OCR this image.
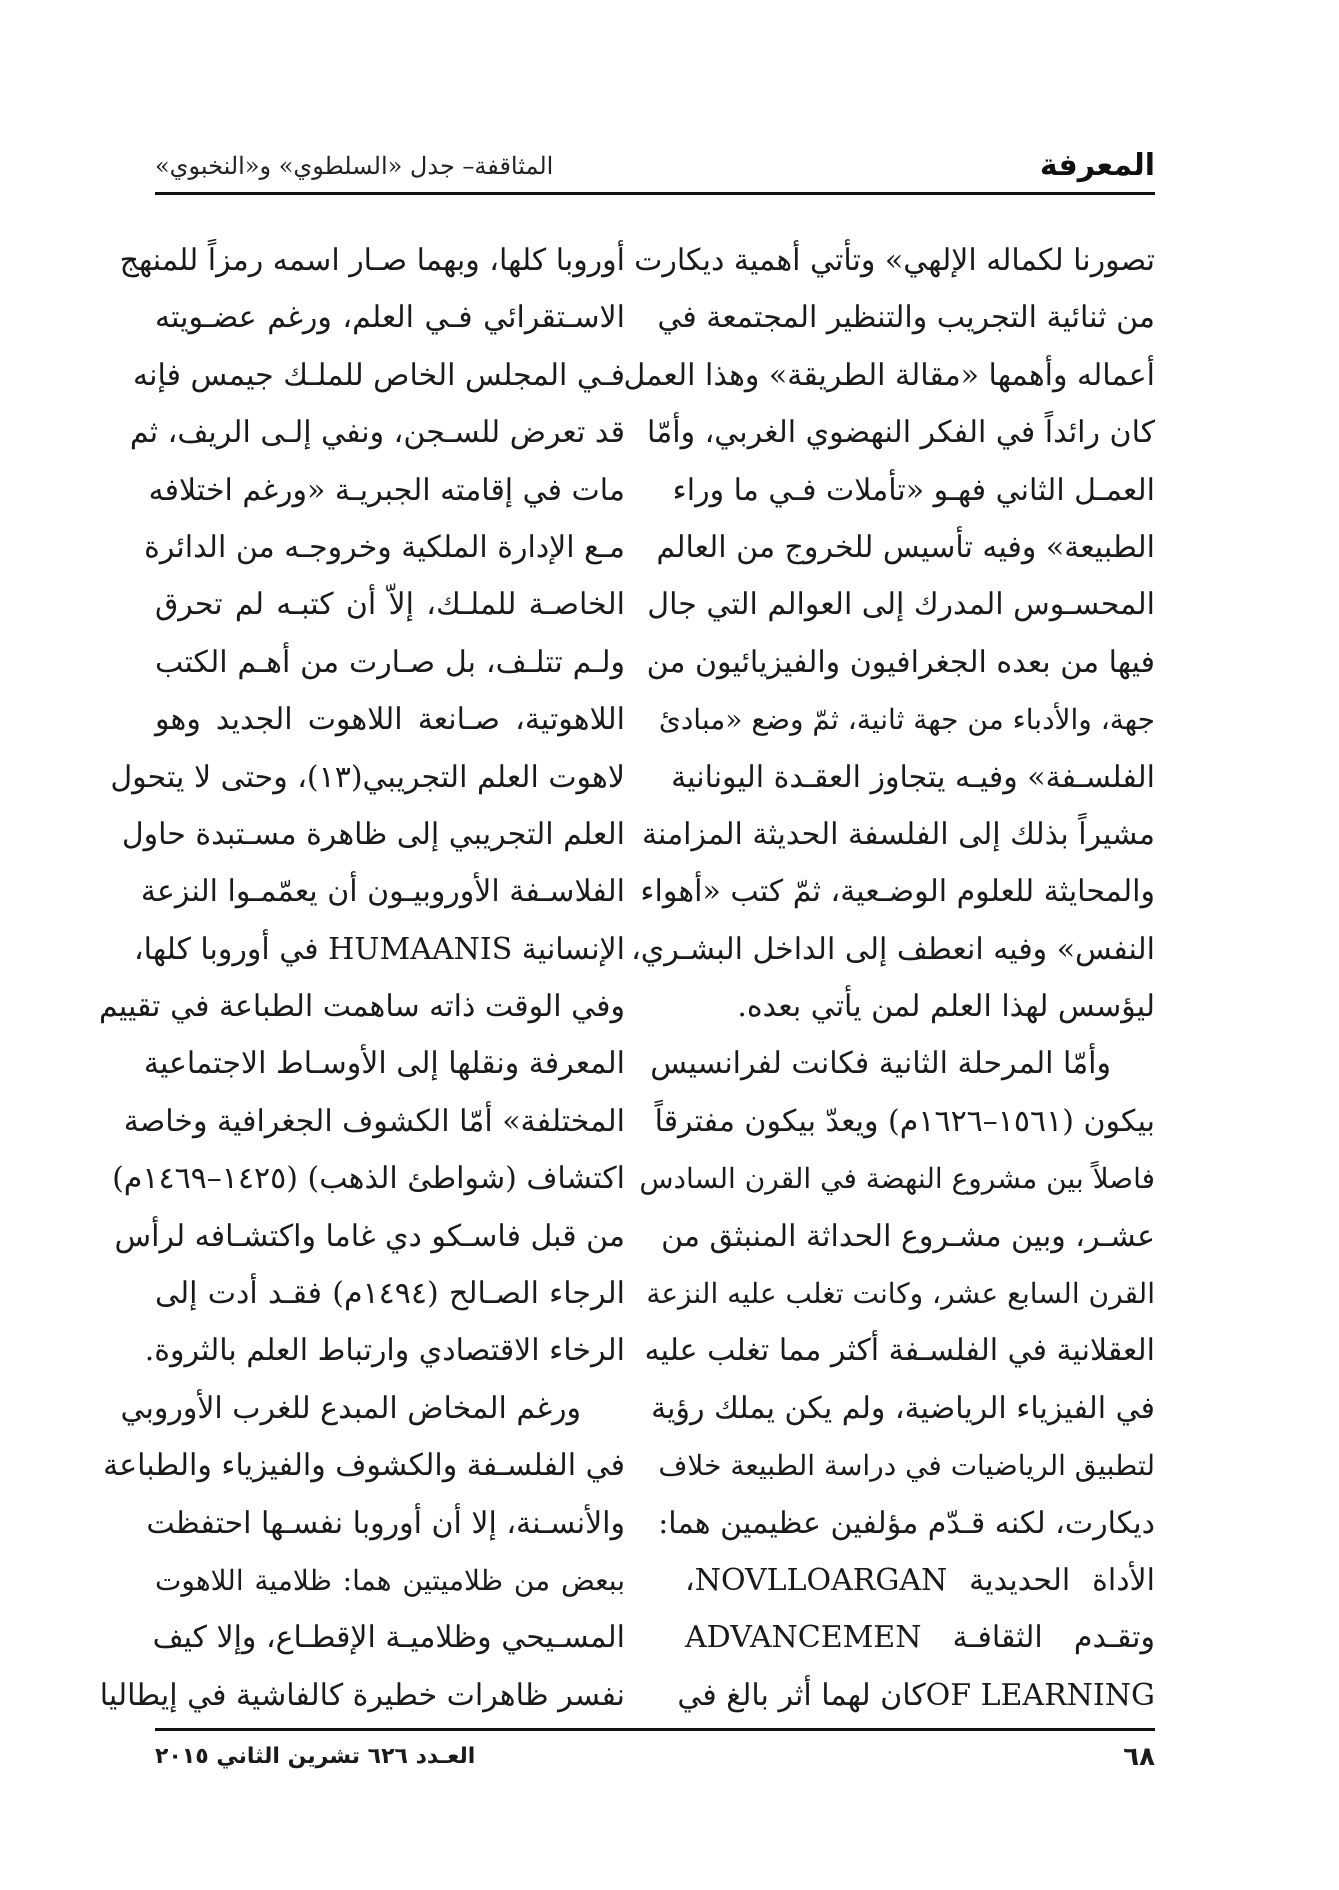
المعرفة
المثاقفة– جدل «السلطوي» و«النخبوي»
تصورنا لكماله الإلهي» وتأتي أهمية ديكارت
من ثنائية التجريب والتنظير المجتمعة في
أعماله وأهمها «مقالة الطريقة» وهذا العمل
كان رائداً في الفكر النهضوي الغربي، وأمّا
العمـل الثاني فهـو «تأملات فـي ما وراء
الطبيعة» وفيه تأسيس للخروج من العالم
المحسـوس المدرك إلى العوالم التي جال
فيها من بعده الجغرافيون والفيزيائيون من
جهة، والأدباء من جهة ثانية، ثمّ وضع «مبادئ
الفلسـفة» وفيـه يتجاوز العقـدة اليونانية
مشيراً بذلك إلى الفلسفة الحديثة المزامنة
والمحايثة للعلوم الوضـعية، ثمّ كتب «أهواء
النفس» وفيه انعطف إلى الداخل البشـري،
ليؤسس لهذا العلم لمن يأتي بعده.
وأمّا المرحلة الثانية فكانت لفرانسيس
بيكون (١٥٦١–١٦٢٦م) ويعدّ بيكون مفترقاً
فاصلاً بين مشروع النهضة في القرن السادس
عشـر، وبين مشـروع الحداثة المنبثق من
القرن السابع عشر، وكانت تغلب عليه النزعة
العقلانية في الفلسـفة أكثر مما تغلب عليه
في الفيزياء الرياضية، ولم يكن يملك رؤية
لتطبيق الرياضيات في دراسة الطبيعة خلاف
ديكارت، لكنه قـدّم مؤلفين عظيمين هما:
الأداة الحديدية NOVLLOARGAN،
وتقـدم الثقافـة ADVANCEMEN
OF LEARNINGكان لهما أثر بالغ في
أوروبا كلها، وبهما صـار اسمه رمزاً للمنهج
الاسـتقرائي فـي العلم، ورغم عضـويته
فـي المجلس الخاص للملـك جيمس فإنه
قد تعرض للسـجن، ونفي إلـى الريف، ثم
مات في إقامته الجبريـة «ورغم اختلافه
مـع الإدارة الملكية وخروجـه من الدائرة
الخاصـة للملـك، إلاّ أن كتبـه لم تحرق
ولـم تتلـف، بل صـارت من أهـم الكتب
اللاهوتية، صـانعة اللاهوت الجديد وهو
لاهوت العلم التجريبي(١٣)، وحتى لا يتحول
العلم التجريبي إلى ظاهرة مسـتبدة حاول
الفلاسـفة الأوروبيـون أن يعمّمـوا النزعة
الإنسانية HUMAANIS في أوروبا كلها،
وفي الوقت ذاته ساهمت الطباعة في تقييم
المعرفة ونقلها إلى الأوسـاط الاجتماعية
المختلفة» أمّا الكشوف الجغرافية وخاصة
اكتشاف (شواطئ الذهب) (١٤٢٥–١٤٦٩م)
من قبل فاسـكو دي غاما واكتشـافه لرأس
الرجاء الصـالح (١٤٩٤م) فقـد أدت إلى
الرخاء الاقتصادي وارتباط العلم بالثروة.
ورغم المخاض المبدع للغرب الأوروبي
في الفلسـفة والكشوف والفيزياء والطباعة
والأنسـنة، إلا أن أوروبا نفسـها احتفظت
ببعض من ظلاميتين هما: ظلامية اللاهوت
المسـيحي وظلاميـة الإقطـاع، وإلا كيف
نفسر ظاهرات خطيرة كالفاشية في إيطاليا
٦٨
العـدد ٦٢٦ تشرين الثاني ٢٠١٥
